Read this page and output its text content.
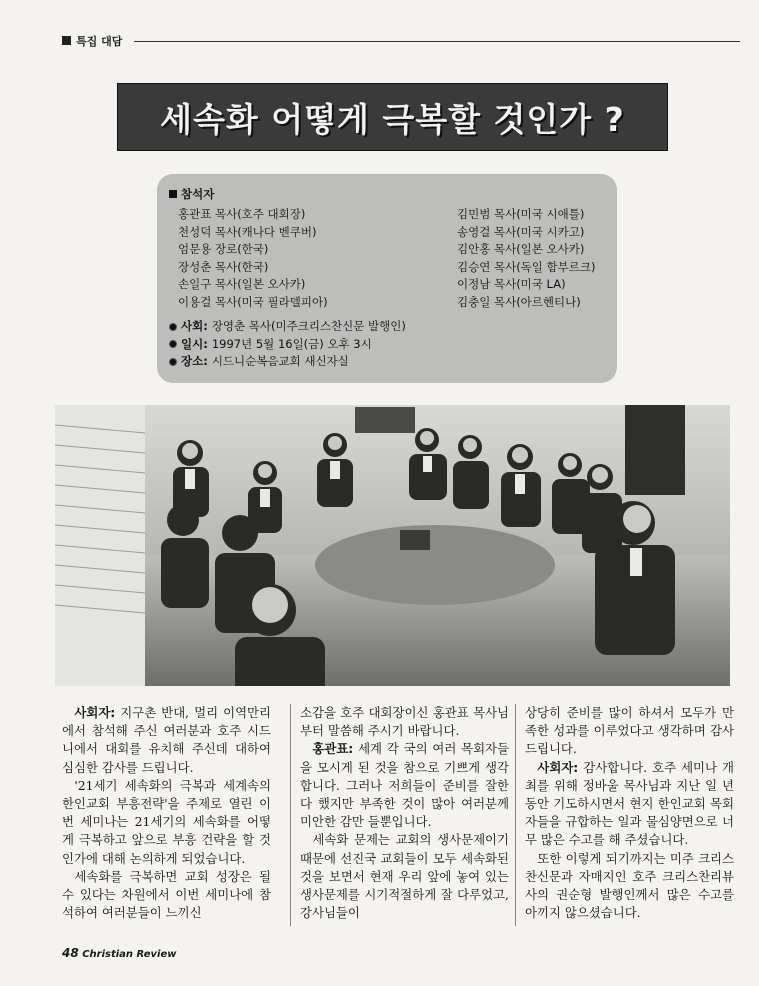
특집 대담
세속화 어떻게 극복할 것인가 ?
참석자
홍관표 목사(호주 대회장)
천성덕 목사(캐나다 벤쿠버)
엄문용 장로(한국)
장성춘 목사(한국)
손일구 목사(일본 오사카)
이용걸 목사(미국 필라델피아)
김민범 목사(미국 시애틀)
송영걸 목사(미국 시카고)
김안홍 목사(일본 오사카)
김승연 목사(독일 함부르크)
이정남 목사(미국 LA)
김충일 목사(아르헨티나)
사회: 장영춘 목사(미주크리스찬신문 발행인)
일시: 1997년 5월 16일(금) 오후 3시
장소: 시드니순복음교회 새신자실

사회자: 지구촌 반대, 멀리 이역만리에서 참석해 주신 여러분과 호주 시드니에서 대회를 유치해 주신데 대하여 심심한 감사를 드립니다.

'21세기 세속화의 극복과 세계속의 한인교회 부흥전략'을 주제로 열린 이번 세미나는 21세기의 세속화를 어떻게 극복하고 앞으로 부흥 건략을 할 것인가에 대해 논의하게 되었습니다.

세속화를 극복하면 교회 성장은 될 수 있다는 차원에서 이번 세미나에 참석하여 여러분들이 느끼신

소감을 호주 대회장이신 홍관표 목사님부터 말씀해 주시기 바랍니다.

홍관표: 세계 각 국의 여러 목회자들을 모시게 된 것을 참으로 기쁘게 생각합니다. 그러나 저희들이 준비를 잘한다 했지만 부족한 것이 많아 여러분께 미안한 감만 들뿐입니다.

세속화 문제는 교회의 생사문제이기 때문에 선진국 교회들이 모두 세속화된 것을 보면서 현재 우리 앞에 놓여 있는 생사문제를 시기적절하게 잘 다루었고, 강사님들이

상당히 준비를 많이 하셔서 모두가 만족한 성과를 이루었다고 생각하며 감사드립니다.

사회자: 감사합니다. 호주 세미나 개최를 위해 정바울 목사님과 지난 일 년 동안 기도하시면서 현지 한인교회 목회자들을 규합하는 일과 물심양면으로 너무 많은 수고를 해 주셨습니다.

또한 이렇게 되기까지는 미주 크리스찬신문과 자매지인 호주 크리스찬리뷰사의 권순형 발행인께서 많은 수고를 아끼지 않으셨습니다.

48 Christian Review
